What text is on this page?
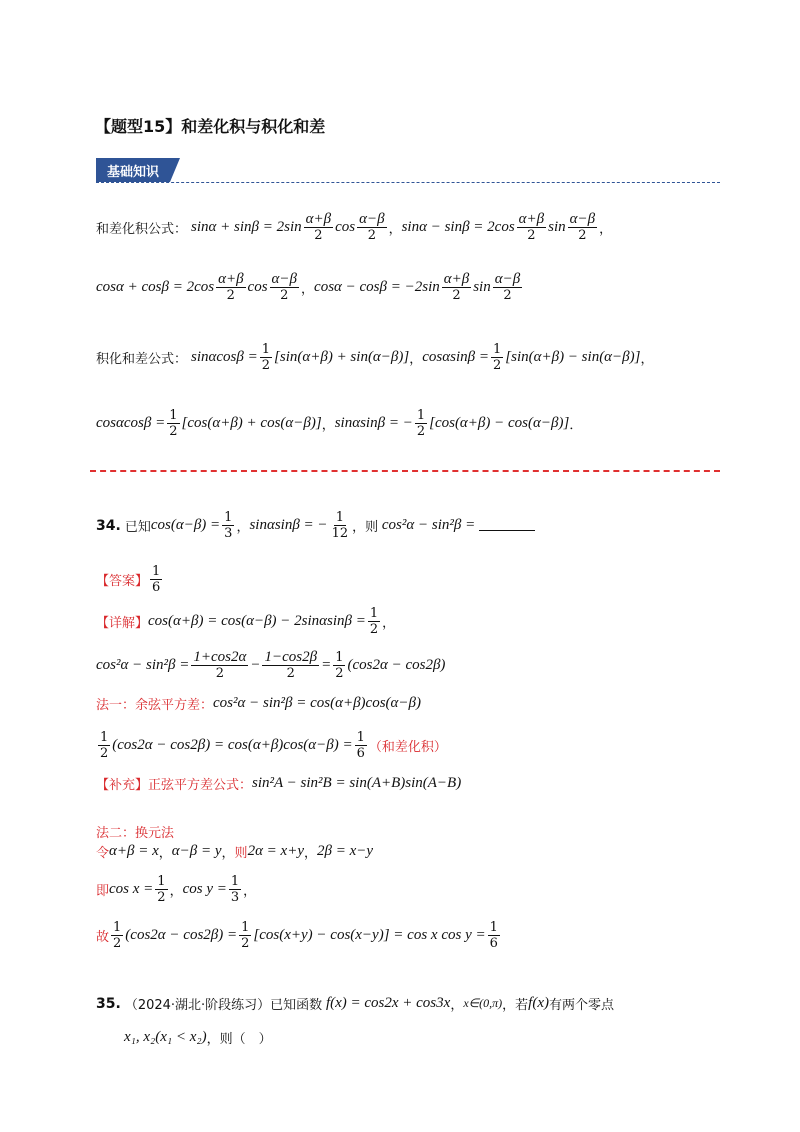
【题型15】和差化积与积化和差
基础知识
和差化积公式： $\sin\alpha + \sin\beta = 2\sin \frac{\alpha+\beta}{2}$ $\cos \frac{\alpha-\beta}{2}$ ， $\sin\alpha - \sin\beta = 2\cos \frac{\alpha+\beta}{2}$ $\sin \frac{\alpha-\beta}{2}$ ，
$\cos\alpha + \cos\beta = 2\cos \frac{\alpha+\beta}{2}$ $\cos \frac{\alpha-\beta}{2}$ ， $\cos\alpha - \cos\beta = -2\sin \frac{\alpha+\beta}{2}$ $\sin \frac{\alpha-\beta}{2}$
积化和差公式： $\sin\alpha\cos\beta = \frac{1}{2} [\sin(\alpha+\beta) + \sin(\alpha-\beta)]$ ， $\cos\alpha\sin\beta = \frac{1}{2} [\sin(\alpha+\beta) - \sin(\alpha-\beta)]$ ，
$\cos\alpha\cos\beta = \frac{1}{2} [\cos(\alpha+\beta) + \cos(\alpha-\beta)]$ ， sinαsinβ = − $\frac{1}{2} [\cos(\alpha+\beta) - \cos(\alpha-\beta)]$ ．
34. 已知 $\cos(\alpha-\beta) = \frac{1}{3}$ ， sinαsinβ = − $\frac{1}{12}$ ， 则 cos²α − sin²β =
【答案】 $\frac{1}{6}$
【详解】 $\cos(\alpha+\beta) = \cos(\alpha-\beta) - 2\sin\alpha\sin\beta = \frac{1}{2}$ ，
$\cos^2\alpha - \sin^2\beta = \frac{1+\cos 2\alpha}{2} - \frac{1-\cos 2\beta}{2} = \frac{1}{2} (\cos 2\alpha - \cos 2\beta)$
法一：余弦平方差： cos²α − sin²β = cos(α+β)cos(α−β)
$\frac{1}{2} (\cos 2\alpha - \cos 2\beta) = \cos(\alpha+\beta)\cos(\alpha-\beta) = \frac{1}{6}$ （和差化积）
【补充】正弦平方差公式： sin²A − sin²B = sin(A+B)sin(A−B)
法二：换元法
令 α+β = x ， α−β = y ， 则 2α = x+y ， 2β = x−y
即 $\cos x = \frac{1}{2}$ ， $\cos y = \frac{1}{3}$ ，
故 $\frac{1}{2} (\cos 2\alpha - \cos 2\beta) = \frac{1}{2} [\cos(x+y) - \cos(x-y)] = \cos x$ $\cos y = \frac{1}{6}$
35. （2024·湖北·阶段练习） 已知函数 f(x) = cos2x + cos3x ， x∈(0,π) ， 若 f(x) 有两个零点
x₁, x₂(x₁ < x₂) ， 则（　）
